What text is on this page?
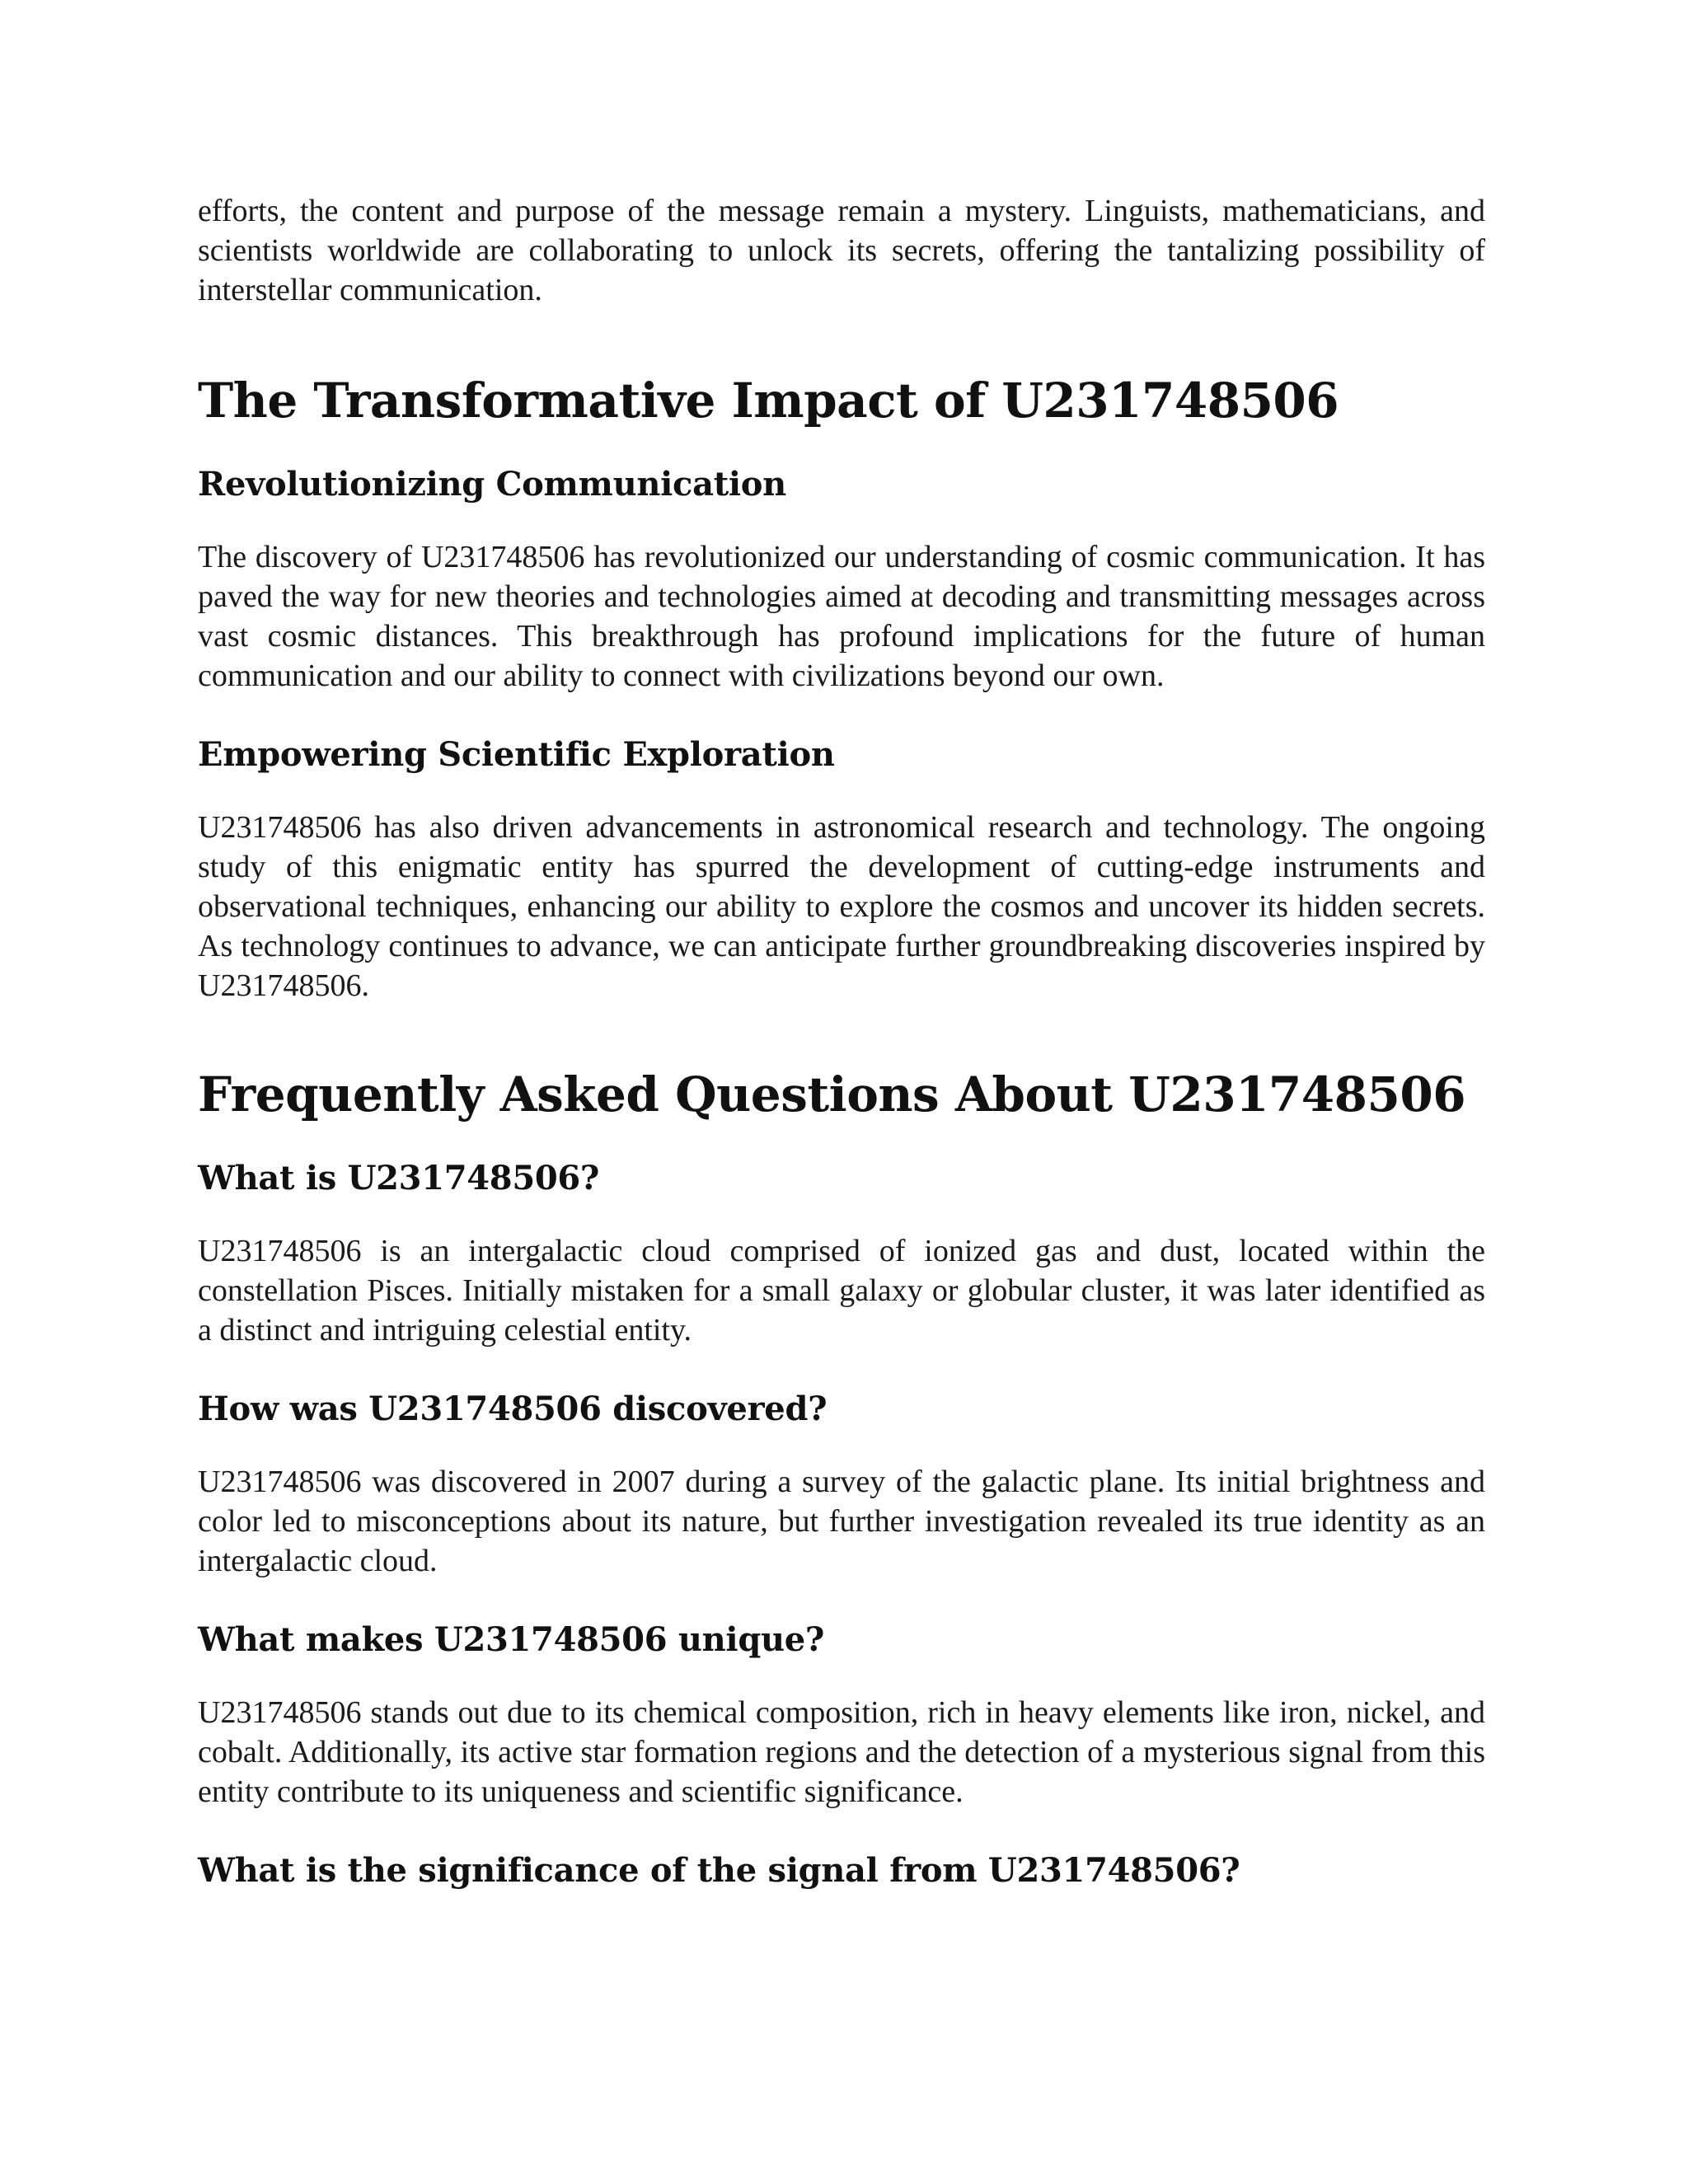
efforts, the content and purpose of the message remain a mystery. Linguists, mathematicians, and scientists worldwide are collaborating to unlock its secrets, offering the tantalizing possibility of interstellar communication.

The Transformative Impact of U231748506
Revolutionizing Communication

The discovery of U231748506 has revolutionized our understanding of cosmic communication. It has paved the way for new theories and technologies aimed at decoding and transmitting messages across vast cosmic distances. This breakthrough has profound implications for the future of human communication and our ability to connect with civilizations beyond our own.

Empowering Scientific Exploration

U231748506 has also driven advancements in astronomical research and technology. The ongoing study of this enigmatic entity has spurred the development of cutting-edge instruments and observational techniques, enhancing our ability to explore the cosmos and uncover its hidden secrets. As technology continues to advance, we can anticipate further groundbreaking discoveries inspired by U231748506.

Frequently Asked Questions About U231748506
What is U231748506?

U231748506 is an intergalactic cloud comprised of ionized gas and dust, located within the constellation Pisces. Initially mistaken for a small galaxy or globular cluster, it was later identified as a distinct and intriguing celestial entity.

How was U231748506 discovered?

U231748506 was discovered in 2007 during a survey of the galactic plane. Its initial brightness and color led to misconceptions about its nature, but further investigation revealed its true identity as an intergalactic cloud.

What makes U231748506 unique?

U231748506 stands out due to its chemical composition, rich in heavy elements like iron, nickel, and cobalt. Additionally, its active star formation regions and the detection of a mysterious signal from this entity contribute to its uniqueness and scientific significance.

What is the significance of the signal from U231748506?
